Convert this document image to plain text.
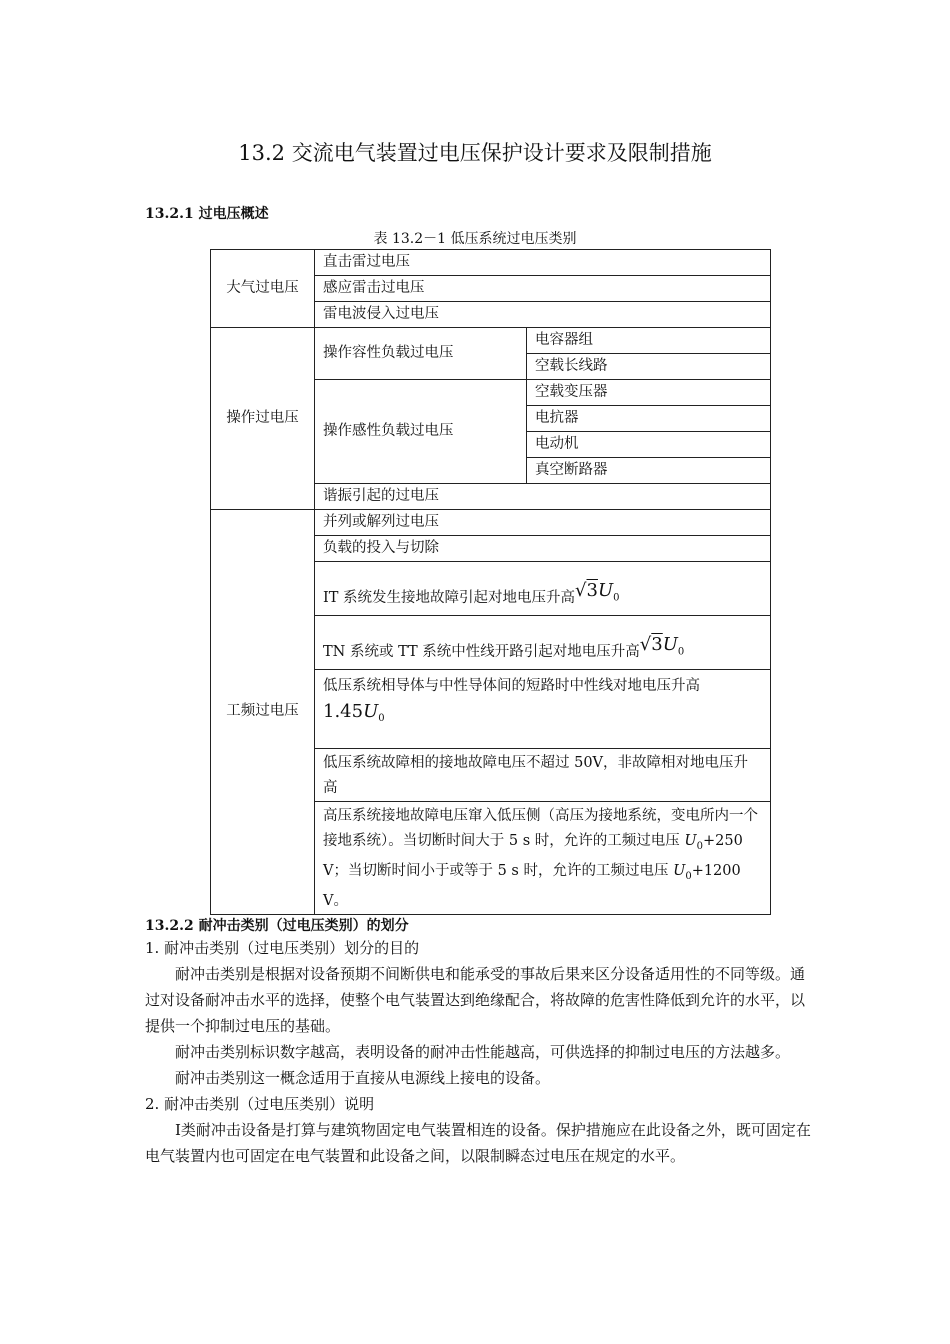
13.2 交流电气装置过电压保护设计要求及限制措施
13.2.1 过电压概述
表 13.2－1 低压系统过电压类别
大气过电压	直击雷过电压	
	感应雷击过电压	
	雷电波侵入过电压	
操作过电压	操作容性负载过电压	电容器组
		空载长线路
	操作感性负载过电压	空载变压器
		电抗器
		电动机
		真空断路器
	谐振引起的过电压	
工频过电压	并列或解列过电压	
	负载的投入与切除	
	IT 系统发生接地故障引起对地电压升高$√3U_0$
	TN 系统或 TT 系统中性线开路引起对地电压升高$√3U_0$
	低压系统相导体与中性导体间的短路时中性线对地电压升高
$1.45U_0$
	低压系统故障相的接地故障电压不超过 50V，非故障相对地电压升高	
	高压系统接地故障电压窜入低压侧（高压为接地系统，变电所内一个接地系统）。当切断时间大于 5 s 时，允许的工频过电压 $U_0+250$ V；当切断时间小于或等于 5 s 时，允许的工频过电压 $U_0+1200$ V。	
13.2.2 耐冲击类别（过电压类别）的划分

1. 耐冲击类别（过电压类别）划分的目的

耐冲击类别是根据对设备预期不间断供电和能承受的事故后果来区分设备适用性的不同等级。通过对设备耐冲击水平的选择，使整个电气装置达到绝缘配合，将故障的危害性降低到允许的水平，以提供一个抑制过电压的基础。

耐冲击类别标识数字越高，表明设备的耐冲击性能越高，可供选择的抑制过电压的方法越多。

耐冲击类别这一概念适用于直接从电源线上接电的设备。

2. 耐冲击类别（过电压类别）说明

Ⅰ类耐冲击设备是打算与建筑物固定电气装置相连的设备。保护措施应在此设备之外，既可固定在电气装置内也可固定在电气装置和此设备之间，以限制瞬态过电压在规定的水平。
